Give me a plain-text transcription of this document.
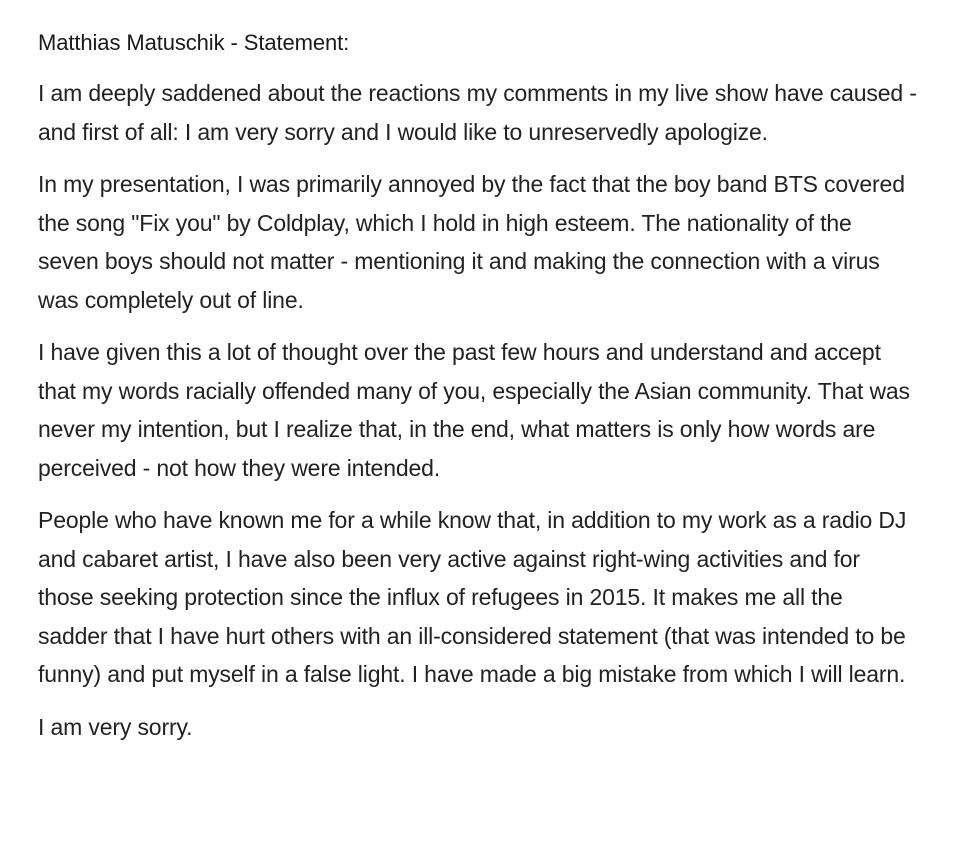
Matthias Matuschik - Statement:

I am deeply saddened about the reactions my comments in my live show have caused - and first of all: I am very sorry and I would like to unreservedly apologize.

In my presentation, I was primarily annoyed by the fact that the boy band BTS covered the song "Fix you" by Coldplay, which I hold in high esteem. The nationality of the seven boys should not matter - mentioning it and making the connection with a virus was completely out of line.

I have given this a lot of thought over the past few hours and understand and accept that my words racially offended many of you, especially the Asian community. That was never my intention, but I realize that, in the end, what matters is only how words are perceived - not how they were intended.

People who have known me for a while know that, in addition to my work as a radio DJ and cabaret artist, I have also been very active against right-wing activities and for those seeking protection since the influx of refugees in 2015. It makes me all the sadder that I have hurt others with an ill-considered statement (that was intended to be funny) and put myself in a false light. I have made a big mistake from which I will learn.

I am very sorry.
